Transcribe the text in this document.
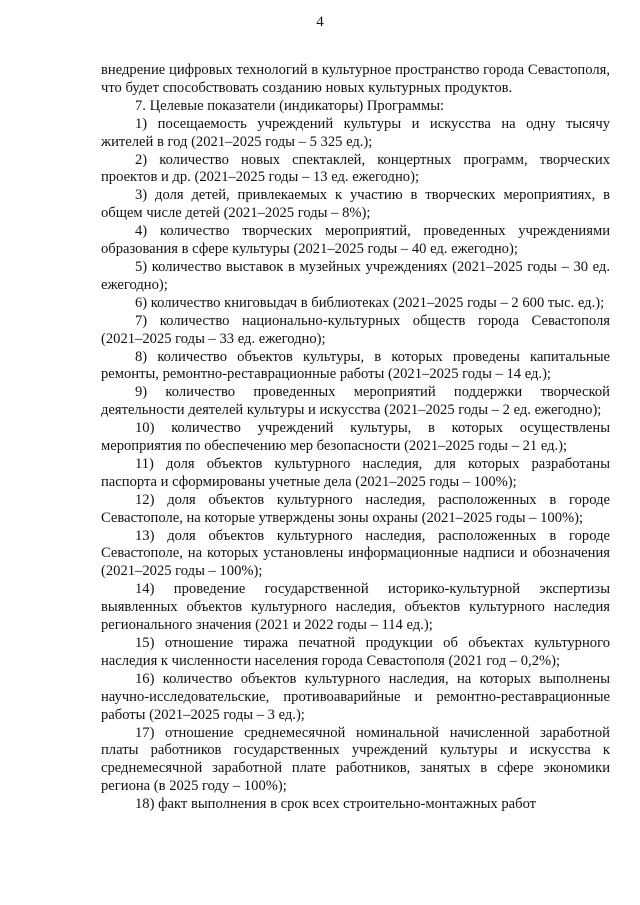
4

внедрение цифровых технологий в культурное пространство города Севастополя, что будет способствовать созданию новых культурных продуктов.

7. Целевые показатели (индикаторы) Программы:

1) посещаемость учреждений культуры и искусства на одну тысячу жителей в год (2021–2025 годы – 5 325 ед.);

2) количество новых спектаклей, концертных программ, творческих проектов и др. (2021–2025 годы – 13 ед. ежегодно);

3) доля детей, привлекаемых к участию в творческих мероприятиях, в общем числе детей (2021–2025 годы – 8%);

4) количество творческих мероприятий, проведенных учреждениями образования в сфере культуры (2021–2025 годы – 40 ед. ежегодно);

5) количество выставок в музейных учреждениях (2021–2025 годы – 30 ед. ежегодно);

6) количество книговыдач в библиотеках (2021–2025 годы – 2 600 тыс. ед.);

7) количество национально-культурных обществ города Севастополя (2021–2025 годы – 33 ед. ежегодно);

8) количество объектов культуры, в которых проведены капитальные ремонты, ремонтно-реставрационные работы (2021–2025 годы – 14 ед.);

9) количество проведенных мероприятий поддержки творческой деятельности деятелей культуры и искусства (2021–2025 годы – 2 ед. ежегодно);

10) количество учреждений культуры, в которых осуществлены мероприятия по обеспечению мер безопасности (2021–2025 годы – 21 ед.);

11) доля объектов культурного наследия, для которых разработаны паспорта и сформированы учетные дела (2021–2025 годы – 100%);

12) доля объектов культурного наследия, расположенных в городе Севастополе, на которые утверждены зоны охраны (2021–2025 годы – 100%);

13) доля объектов культурного наследия, расположенных в городе Севастополе, на которых установлены информационные надписи и обозначения (2021–2025 годы – 100%);

14) проведение государственной историко-культурной экспертизы выявленных объектов культурного наследия, объектов культурного наследия регионального значения (2021 и 2022 годы – 114 ед.);

15) отношение тиража печатной продукции об объектах культурного наследия к численности населения города Севастополя (2021 год – 0,2%);

16) количество объектов культурного наследия, на которых выполнены научно-исследовательские, противоаварийные и ремонтно-реставрационные работы (2021–2025 годы – 3 ед.);

17) отношение среднемесячной номинальной начисленной заработной платы работников государственных учреждений культуры и искусства к среднемесячной заработной плате работников, занятых в сфере экономики региона (в 2025 году – 100%);

18) факт выполнения в срок всех строительно-монтажных работ
